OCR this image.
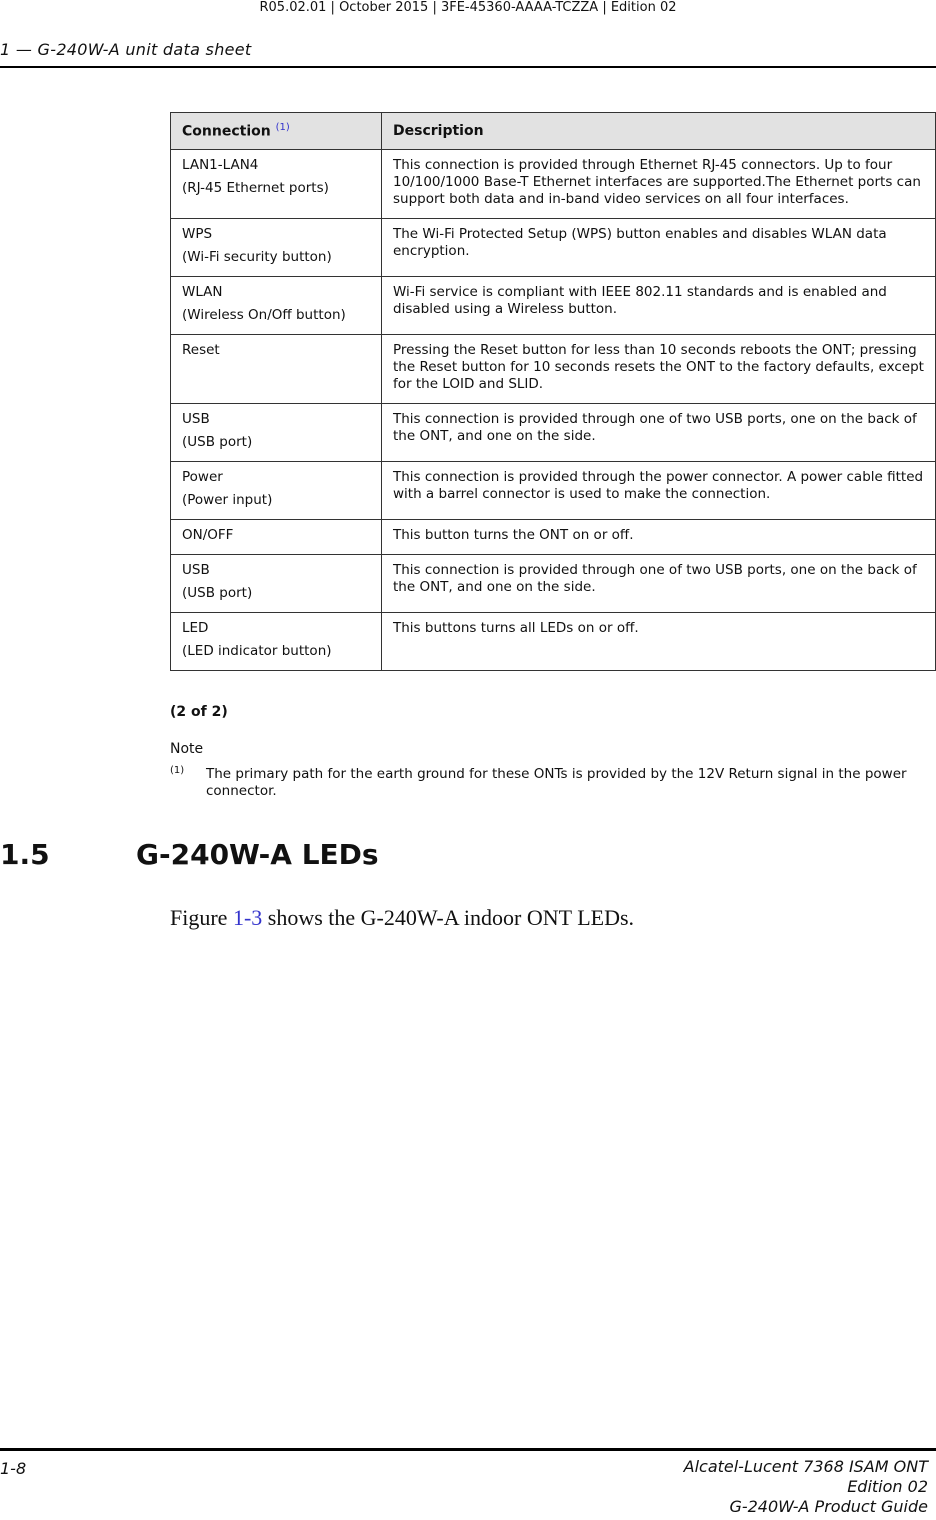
R05.02.01 | October 2015 | 3FE-45360-AAAA-TCZZA | Edition 02
1 — G-240W-A unit data sheet
Connection $^{(1)}$	Description

LAN1-LAN4
(RJ-45 Ethernet ports)	This connection is provided through Ethernet RJ-45 connectors. Up to four 10/100/1000 Base-T Ethernet interfaces are supported.The Ethernet ports can support both data and in-band video services on all four interfaces.

WPS
(Wi-Fi security button)	The Wi-Fi Protected Setup (WPS) button enables and disables WLAN data encryption.

WLAN
(Wireless On/Off button)	Wi-Fi service is compliant with IEEE 802.11 standards and is enabled and disabled using a Wireless button.

Reset	Pressing the Reset button for less than 10 seconds reboots the ONT; pressing the Reset button for 10 seconds resets the ONT to the factory defaults, except for the LOID and SLID.

USB
(USB port)	This connection is provided through one of two USB ports, one on the back of the ONT, and one on the side.

Power
(Power input)	This connection is provided through the power connector. A power cable fitted with a barrel connector is used to make the connection.

ON/OFF	This button turns the ONT on or off.

USB
(USB port)	This connection is provided through one of two USB ports, one on the back of the ONT, and one on the side.

LED
(LED indicator button)	This buttons turns all LEDs on or off.
(2 of 2)
Note
(1) The primary path for the earth ground for these ONTs is provided by the 12V Return signal in the power connector.
1.5	G-240W-A LEDs
Figure 1-3 shows the G-240W-A indoor ONT LEDs.
1-8	Alcatel-Lucent 7368 ISAM ONT
Edition 02
G-240W-A Product Guide
